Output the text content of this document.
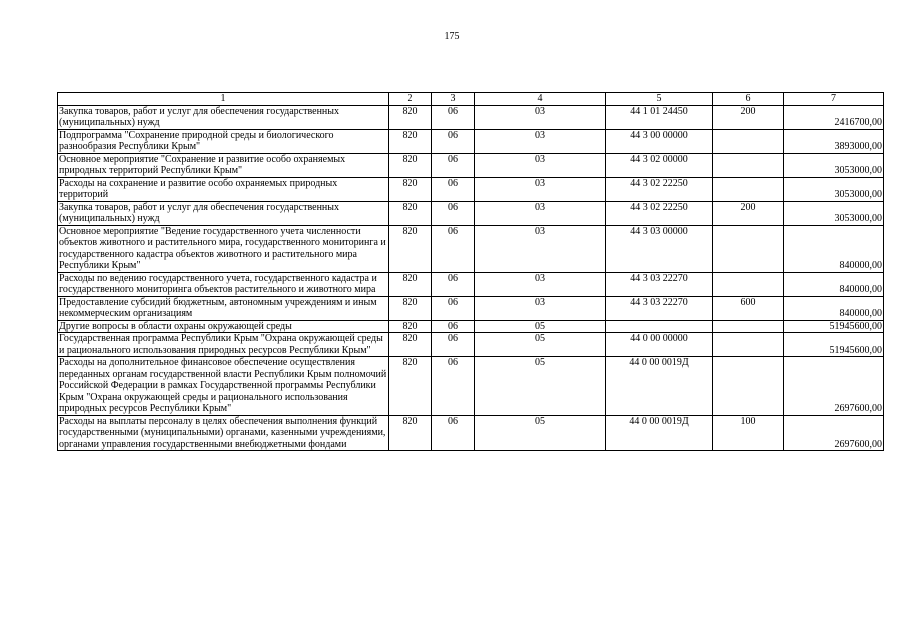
175
1	2	3	4	5	6	7
Закупка товаров, работ и услуг для обеспечения государственных (муниципальных) нужд	820	06	03	44 1 01 24450	200	2416700,00
Подпрограмма "Сохранение природной среды и биологического разнообразия Республики Крым"	820	06	03	44 3 00 00000		3893000,00
Основное мероприятие "Сохранение и развитие особо охраняемых природных территорий Республики Крым"	820	06	03	44 3 02 00000		3053000,00
Расходы на сохранение и развитие особо охраняемых природных территорий	820	06	03	44 3 02 22250		3053000,00
Закупка товаров, работ и услуг для обеспечения государственных (муниципальных) нужд	820	06	03	44 3 02 22250	200	3053000,00
Основное мероприятие "Ведение государственного учета численности объектов животного и растительного мира, государственного мониторинга и государственного кадастра объектов животного и растительного мира Республики Крым"	820	06	03	44 3 03 00000		840000,00
Расходы по ведению государственного учета, государственного кадастра и государственного мониторинга объектов растительного и животного мира	820	06	03	44 3 03 22270		840000,00
Предоставление субсидий бюджетным, автономным учреждениям и иным некоммерческим организациям	820	06	03	44 3 03 22270	600	840000,00
Другие вопросы в области охраны окружающей среды	820	06	05			51945600,00
Государственная программа Республики Крым "Охрана окружающей среды и рационального использования природных ресурсов Республики Крым"	820	06	05	44 0 00 00000		51945600,00
Расходы на дополнительное финансовое обеспечение осуществления переданных органам государственной власти Республики Крым полномочий Российской Федерации в рамках Государственной программы Республики Крым "Охрана окружающей среды и рационального использования природных ресурсов Республики Крым"	820	06	05	44 0 00 0019Д		2697600,00
Расходы на выплаты персоналу в целях обеспечения выполнения функций государственными (муниципальными) органами, казенными учреждениями, органами управления государственными внебюджетными фондами	820	06	05	44 0 00 0019Д	100	2697600,00
